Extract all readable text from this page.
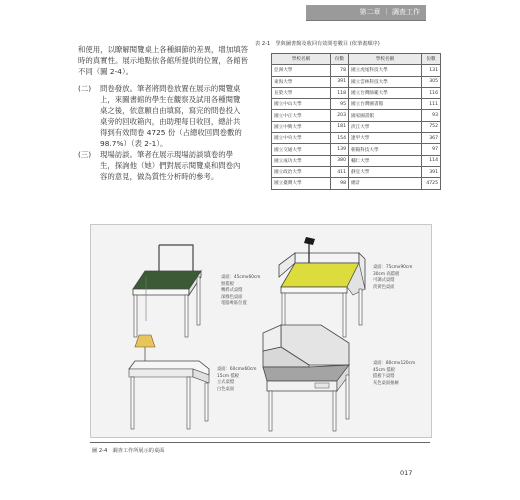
第二章 ｜ 調查工作
和使用，以瞭解閱覽桌上各種細節的差異，增加填答時的真實性。展示地點依各館所提供的位置，各館皆不同（圖 2-4）。
(二) 問卷發放。筆者將問卷放置在展示的閱覽桌上，來圖書館的學生在觀察及試用各種閱覽桌之後，依意願自由填寫，寫完的問卷投入桌旁的回收箱內，由助理每日收回，總計共得到有效問卷 4725 份（占總收回問卷數的 98.7%）（表 2-1）。
(三) 現場訪談。筆者在展示現場訪談填卷的學生，探詢他（她）們對展示閱覽桌和問卷內容的意見，做為質性分析時的參考。
表 2-1　學與圖書館及收回有效問卷數目 (依筆畫順序)
學校名稱	份數	學校名稱	份數
亞洲大學	78	國立虎尾科技大學	131
東海大學	391	國立雲林科技大學	305
長榮大學	118	國立台灣師範大學	116
國立中山大學	95	國立台灣圖書館	111
國立中正大學	203	國家圖書館	93
國立中興大學	181	淡江大學	752
國立中央大學	154	逢甲大學	367
國立交通大學	139	朝陽科技大學	97
國立成功大學	380	輔仁大學	114
國立政治大學	411	靜宜大學	391
國立臺灣大學	98	總計	4725
桌面：45cmx60cm
無擋板
轉桿式桌燈
深綠色桌面
電腦專區位置
桌面：75cmx90cm
30cm 高擋板
可調式桌燈
淡黃色桌面
桌面：60cmx60cm
15cm 擋板
立式桌燈
白色桌面
桌面：80cmx120cm
45cm 擋板
擋板下桌燈
灰色桌面抽屜
圖 2-4　調查工作所展示的桌面
017
